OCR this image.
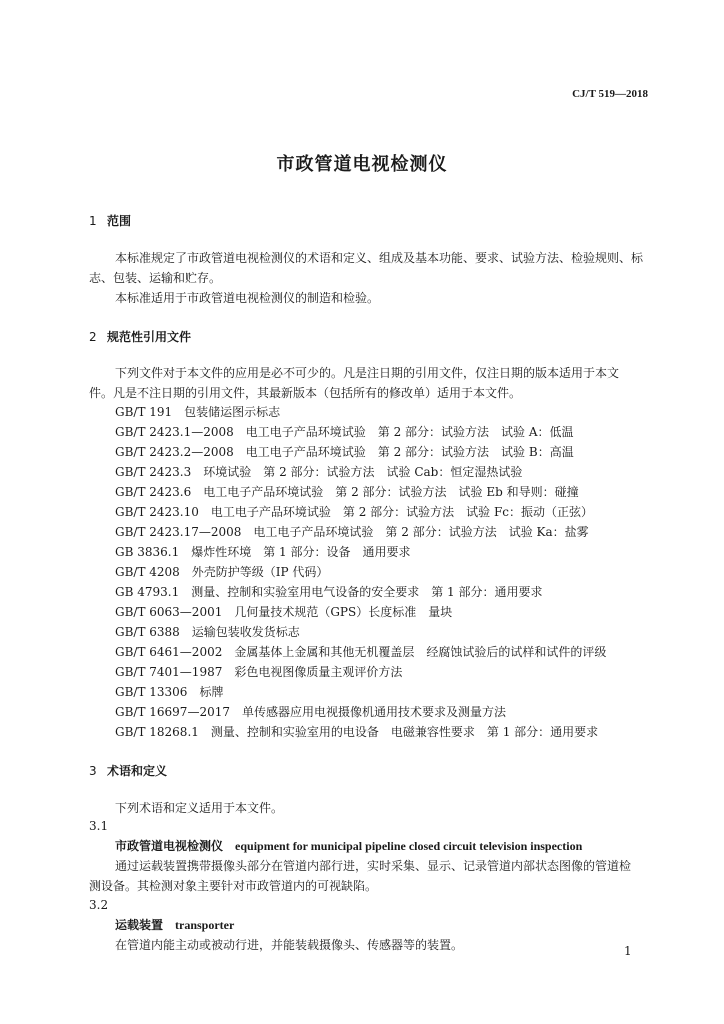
CJ/T 519—2018
市政管道电视检测仪
1 范围
本标准规定了市政管道电视检测仪的术语和定义、组成及基本功能、要求、试验方法、检验规则、标
志、包装、运输和贮存。
本标准适用于市政管道电视检测仪的制造和检验。
2 规范性引用文件
下列文件对于本文件的应用是必不可少的。凡是注日期的引用文件，仅注日期的版本适用于本文
件。凡是不注日期的引用文件，其最新版本（包括所有的修改单）适用于本文件。
GB/T 191　包装储运图示标志
GB/T 2423.1—2008　电工电子产品环境试验　第 2 部分：试验方法　试验 A：低温
GB/T 2423.2—2008　电工电子产品环境试验　第 2 部分：试验方法　试验 B：高温
GB/T 2423.3　环境试验　第 2 部分：试验方法　试验 Cab：恒定湿热试验
GB/T 2423.6　电工电子产品环境试验　第 2 部分：试验方法　试验 Eb 和导则：碰撞
GB/T 2423.10　电工电子产品环境试验　第 2 部分：试验方法　试验 Fc：振动（正弦）
GB/T 2423.17—2008　电工电子产品环境试验　第 2 部分：试验方法　试验 Ka：盐雾
GB 3836.1　爆炸性环境　第 1 部分：设备　通用要求
GB/T 4208　外壳防护等级（IP 代码）
GB 4793.1　测量、控制和实验室用电气设备的安全要求　第 1 部分：通用要求
GB/T 6063—2001　几何量技术规范（GPS）长度标准　量块
GB/T 6388　运输包装收发货标志
GB/T 6461—2002　金属基体上金属和其他无机覆盖层　经腐蚀试验后的试样和试件的评级
GB/T 7401—1987　彩色电视图像质量主观评价方法
GB/T 13306　标牌
GB/T 16697—2017　单传感器应用电视摄像机通用技术要求及测量方法
GB/T 18268.1　测量、控制和实验室用的电设备　电磁兼容性要求　第 1 部分：通用要求
3 术语和定义
下列术语和定义适用于本文件。
3.1
市政管道电视检测仪 equipment for municipal pipeline closed circuit television inspection
通过运载装置携带摄像头部分在管道内部行进，实时采集、显示、记录管道内部状态图像的管道检
测设备。其检测对象主要针对市政管道内的可视缺陷。
3.2
运载装置 transporter
在管道内能主动或被动行进，并能装载摄像头、传感器等的装置。	1
